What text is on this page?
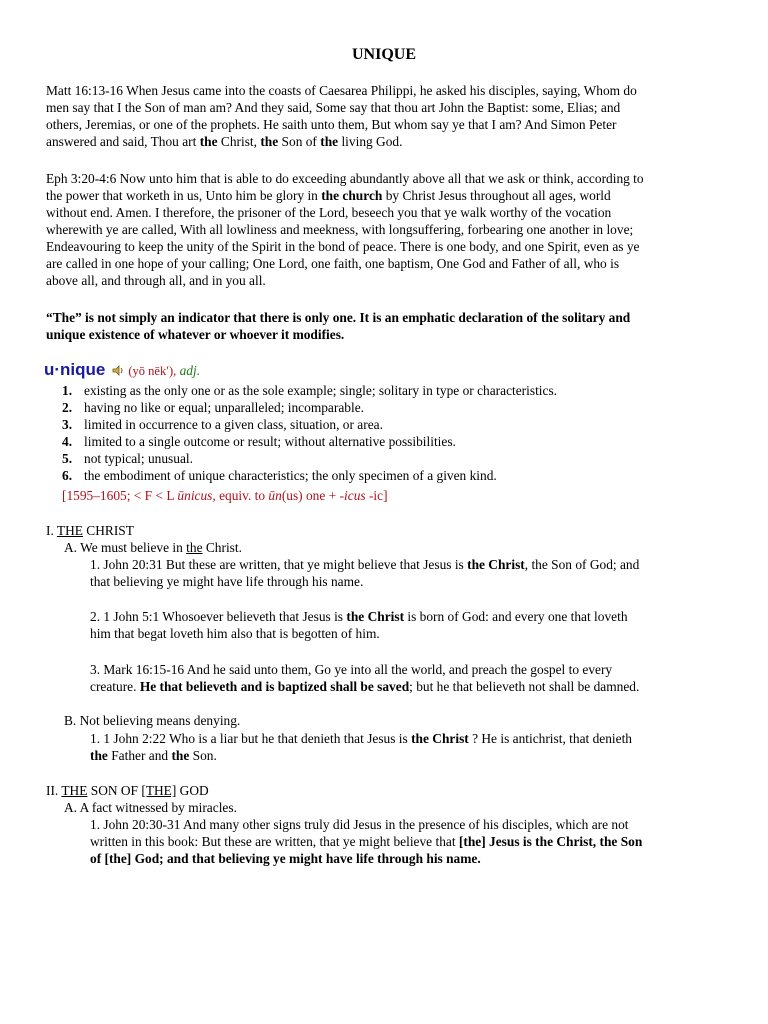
UNIQUE
Matt 16:13-16 When Jesus came into the coasts of Caesarea Philippi, he asked his disciples, saying, Whom do
men say that I the Son of man am? And they said, Some say that thou art John the Baptist: some, Elias; and
others, Jeremias, or one of the prophets. He saith unto them, But whom say ye that I am? And Simon Peter
answered and said, Thou art the Christ, the Son of the living God.
Eph 3:20-4:6 Now unto him that is able to do exceeding abundantly above all that we ask or think, according to
the power that worketh in us, Unto him be glory in the church by Christ Jesus throughout all ages, world
without end. Amen. I therefore, the prisoner of the Lord, beseech you that ye walk worthy of the vocation
wherewith ye are called, With all lowliness and meekness, with longsuffering, forbearing one another in love;
Endeavouring to keep the unity of the Spirit in the bond of peace. There is one body, and one Spirit, even as ye
are called in one hope of your calling; One Lord, one faith, one baptism, One God and Father of all, who is
above all, and through all, and in you all.
“The” is not simply an indicator that there is only one. It is an emphatic declaration of the solitary and
unique existence of whatever or whoever it modifies.
u·nique (yō nēk′), adj.
1. existing as the only one or as the sole example; single; solitary in type or characteristics.
2. having no like or equal; unparalleled; incomparable.
3. limited in occurrence to a given class, situation, or area.
4. limited to a single outcome or result; without alternative possibilities.
5. not typical; unusual.
6. the embodiment of unique characteristics; the only specimen of a given kind.
[1595–1605; < F < L ūnicus, equiv. to ūn(us) one + -icus -ic]
I. THE CHRIST
A. We must believe in the Christ.
1. John 20:31 But these are written, that ye might believe that Jesus is the Christ, the Son of God; and
that believing ye might have life through his name.
2. 1 John 5:1 Whosoever believeth that Jesus is the Christ is born of God: and every one that loveth
him that begat loveth him also that is begotten of him.
3. Mark 16:15-16 And he said unto them, Go ye into all the world, and preach the gospel to every
creature. He that believeth and is baptized shall be saved; but he that believeth not shall be damned.
B. Not believing means denying.
1. 1 John 2:22 Who is a liar but he that denieth that Jesus is the Christ ? He is antichrist, that denieth
the Father and the Son.
II. THE SON OF [THE] GOD
A. A fact witnessed by miracles.
1. John 20:30-31 And many other signs truly did Jesus in the presence of his disciples, which are not
written in this book: But these are written, that ye might believe that [the] Jesus is the Christ, the Son
of [the] God; and that believing ye might have life through his name.
